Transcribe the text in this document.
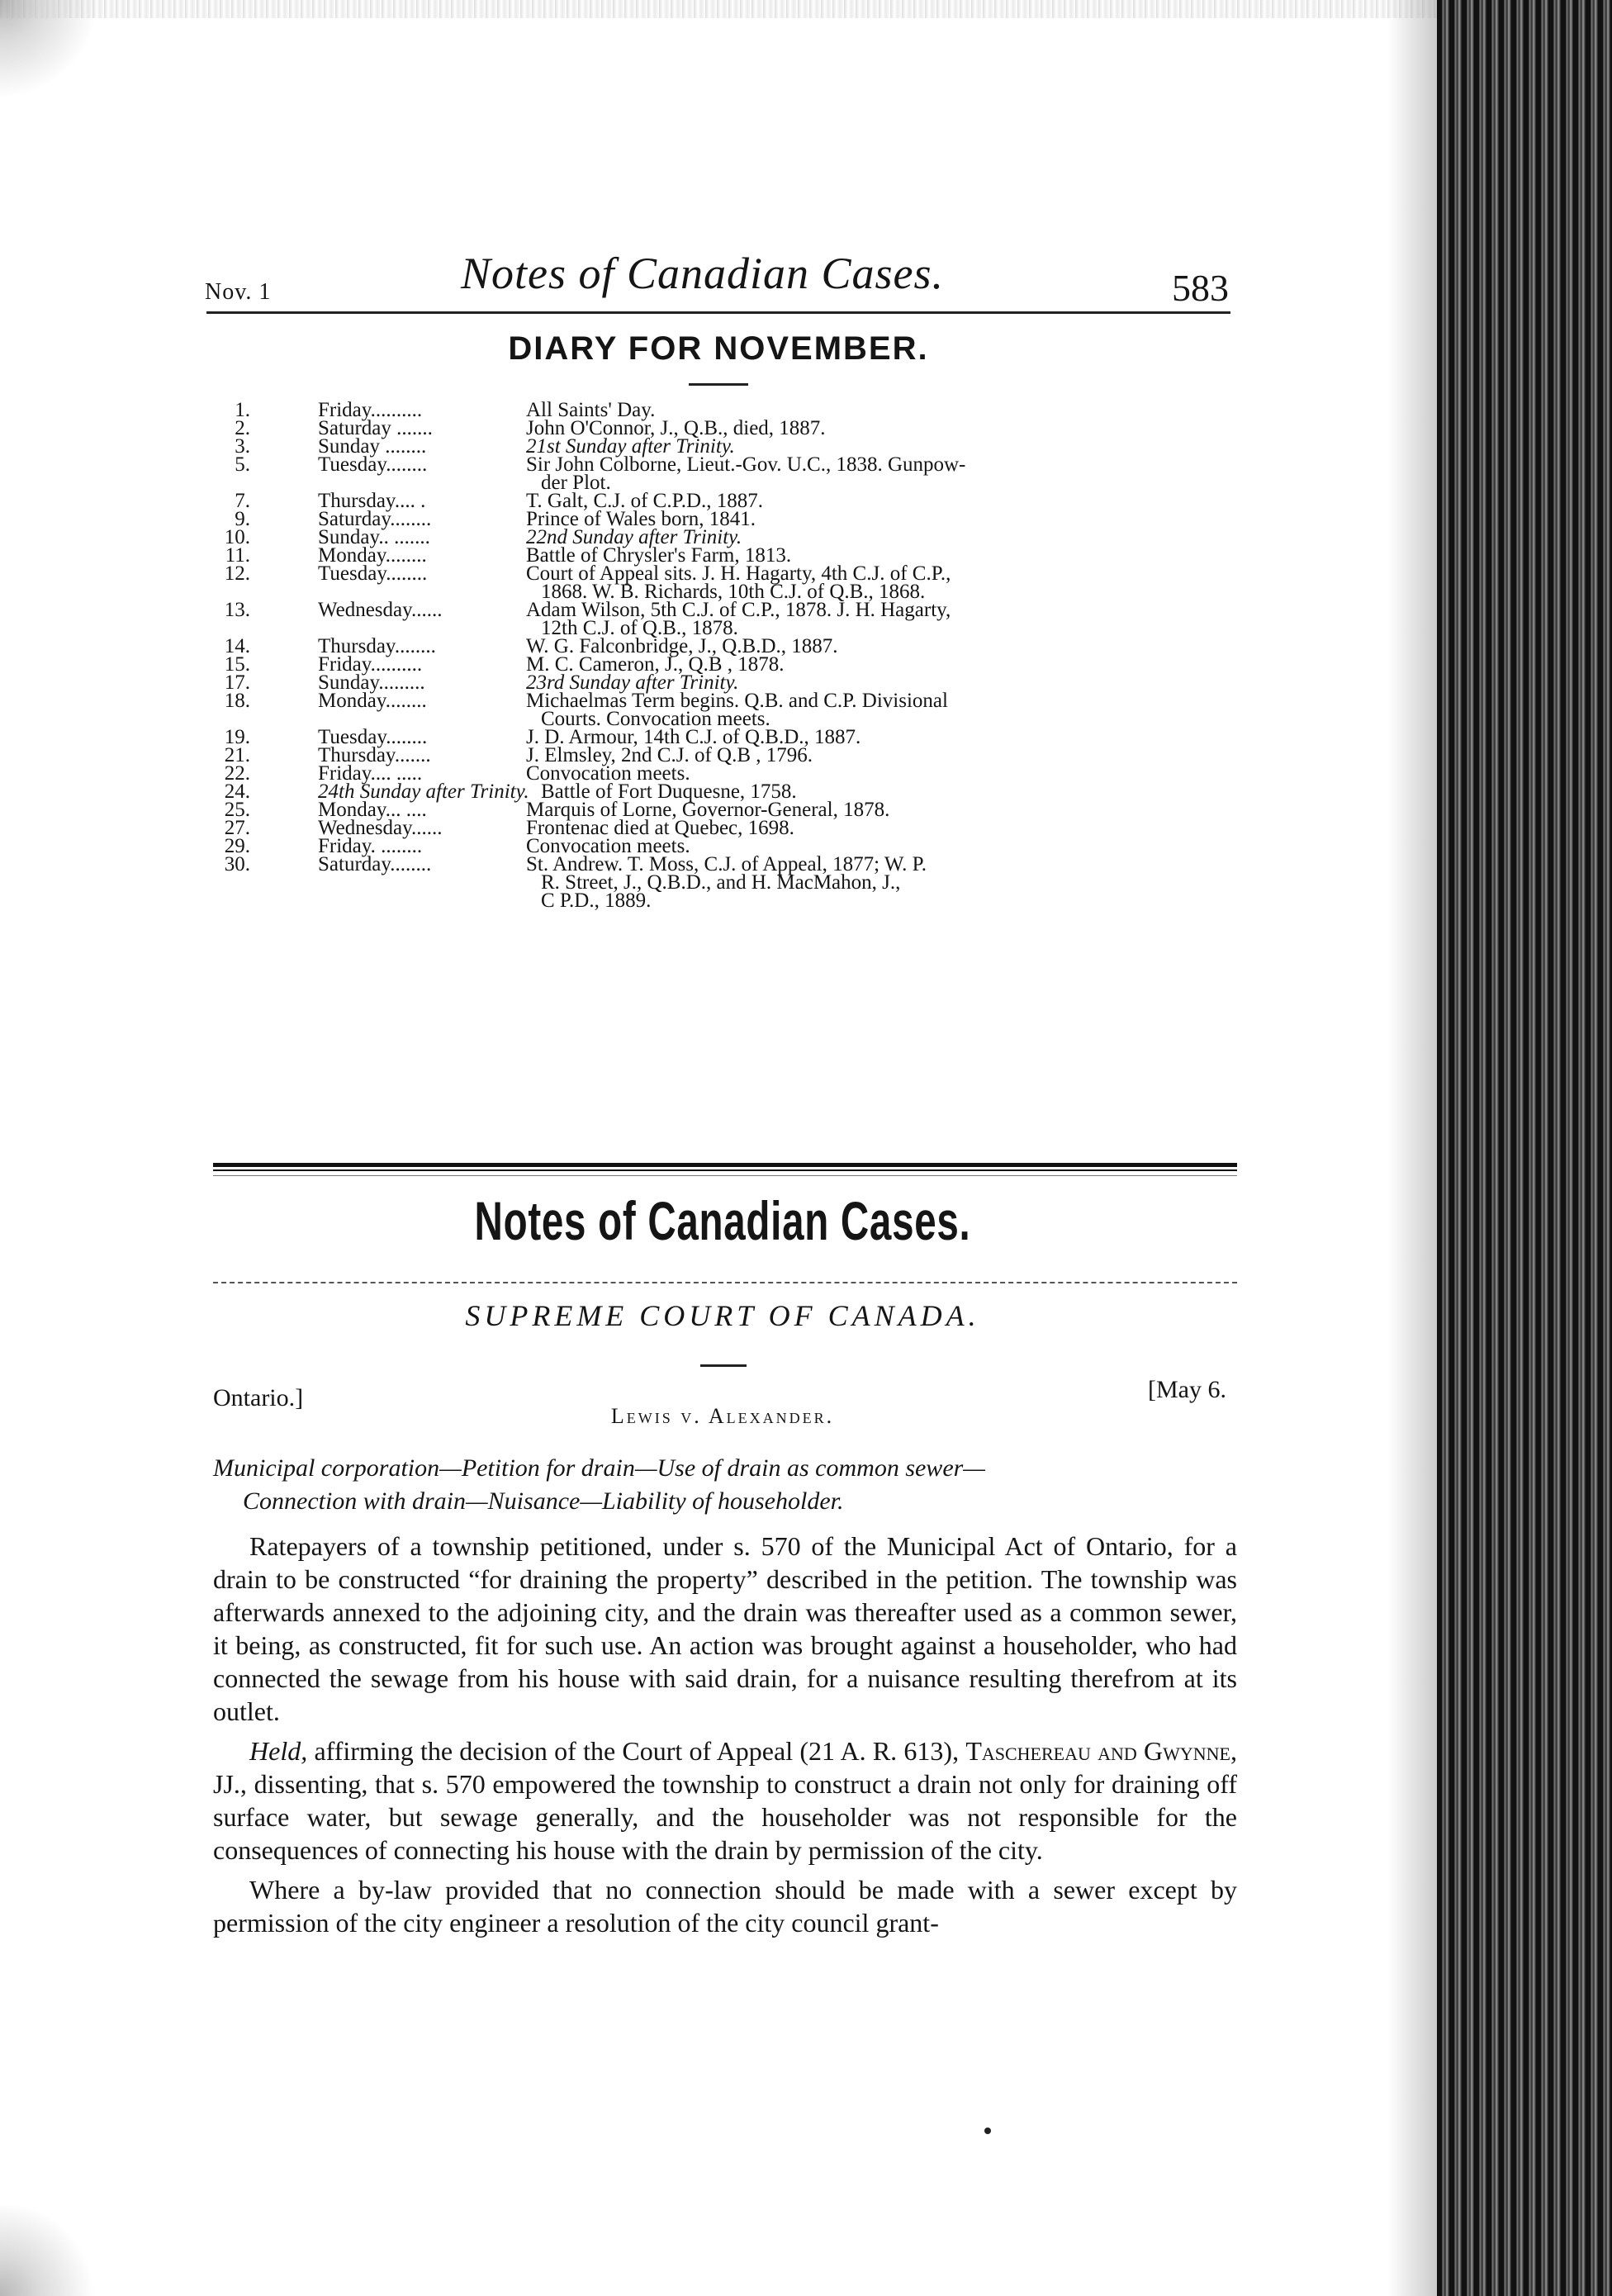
Nov. 1	Notes of Canadian Cases.	583
DIARY FOR NOVEMBER.
1.	Friday..........	All Saints' Day.
2.	Saturday .......	John O'Connor, J., Q.B., died, 1887.
3.	Sunday ........	21st Sunday after Trinity.
5.	Tuesday........	Sir John Colborne, Lieut.-Gov. U.C., 1838. Gunpow-
der Plot.
7.	Thursday.... .	T. Galt, C.J. of C.P.D., 1887.
9.	Saturday........	Prince of Wales born, 1841.
10.	Sunday.. .......	22nd Sunday after Trinity.
11.	Monday........	Battle of Chrysler's Farm, 1813.
12.	Tuesday........	Court of Appeal sits. J. H. Hagarty, 4th C.J. of C.P.,
1868. W. B. Richards, 10th C.J. of Q.B., 1868.
13.	Wednesday......	Adam Wilson, 5th C.J. of C.P., 1878. J. H. Hagarty,
12th C.J. of Q.B., 1878.
14.	Thursday........	W. G. Falconbridge, J., Q.B.D., 1887.
15.	Friday..........	M. C. Cameron, J., Q.B , 1878.
17.	Sunday.........	23rd Sunday after Trinity.
18.	Monday........	Michaelmas Term begins. Q.B. and C.P. Divisional
Courts. Convocation meets.
19.	Tuesday........	J. D. Armour, 14th C.J. of Q.B.D., 1887.
21.	Thursday.......	J. Elmsley, 2nd C.J. of Q.B , 1796.
22.	Friday.... .....	Convocation meets.
24.	24th Sunday after Trinity. Battle of Fort Duquesne, 1758.
25.	Monday... ....	Marquis of Lorne, Governor-General, 1878.
27.	Wednesday......	Frontenac died at Quebec, 1698.
29.	Friday. ........	Convocation meets.
30.	Saturday........	St. Andrew. T. Moss, C.J. of Appeal, 1877; W. P.
R. Street, J., Q.B.D., and H. MacMahon, J.,
C P.D., 1889.
Notes of Canadian Cases.
SUPREME COURT OF CANADA.
Ontario.]	[May 6.
Lewis v. Alexander.
Municipal corporation—Petition for drain—Use of drain as common sewer—
Connection with drain—Nuisance—Liability of householder.

Ratepayers of a township petitioned, under s. 570 of the Municipal Act of Ontario, for a drain to be constructed “for draining the property” described in the petition. The township was afterwards annexed to the adjoining city, and the drain was thereafter used as a common sewer, it being, as constructed, fit for such use. An action was brought against a householder, who had connected the sewage from his house with said drain, for a nuisance resulting therefrom at its outlet.

Held, affirming the decision of the Court of Appeal (21 A. R. 613), Taschereau and Gwynne, JJ., dissenting, that s. 570 empowered the township to construct a drain not only for draining off surface water, but sewage generally, and the householder was not responsible for the consequences of connecting his house with the drain by permission of the city.

Where a by-law provided that no connection should be made with a sewer except by permission of the city engineer a resolution of the city council grant-
